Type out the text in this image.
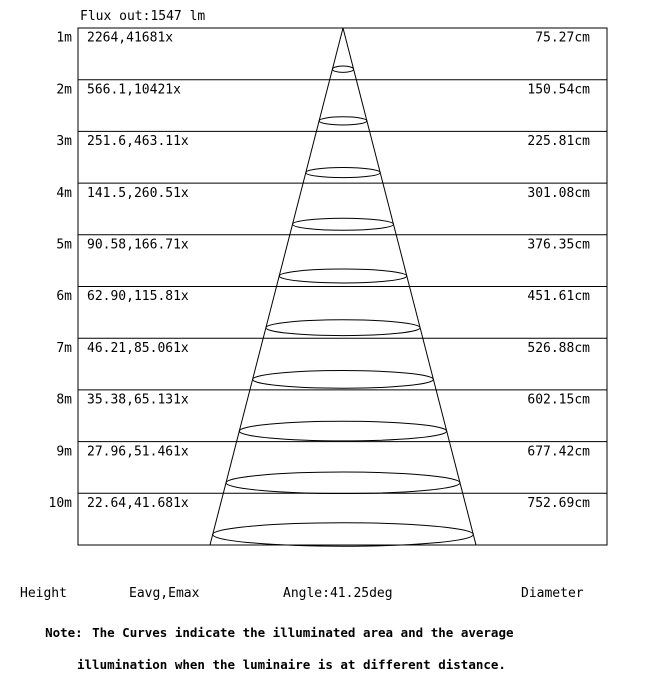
Flux out:1547 lm
1m 2264,41681x	75.27cm
2m 566.1,10421x	150.54cm
3m 251.6,463.11x	225.81cm
4m 141.5,260.51x	301.08cm
5m 90.58,166.71x	376.35cm
6m 62.90,115.81x	451.61cm
7m 46.21,85.061x	526.88cm
8m 35.38,65.131x	602.15cm
9m 27.96,51.461x	677.42cm
10m 22.64,41.681x	752.69cm
Height	Eavg,Emax	Angle:41.25deg	Diameter

Note: The Curves indicate the illuminated area and the average

illumination when the luminaire is at different distance.
